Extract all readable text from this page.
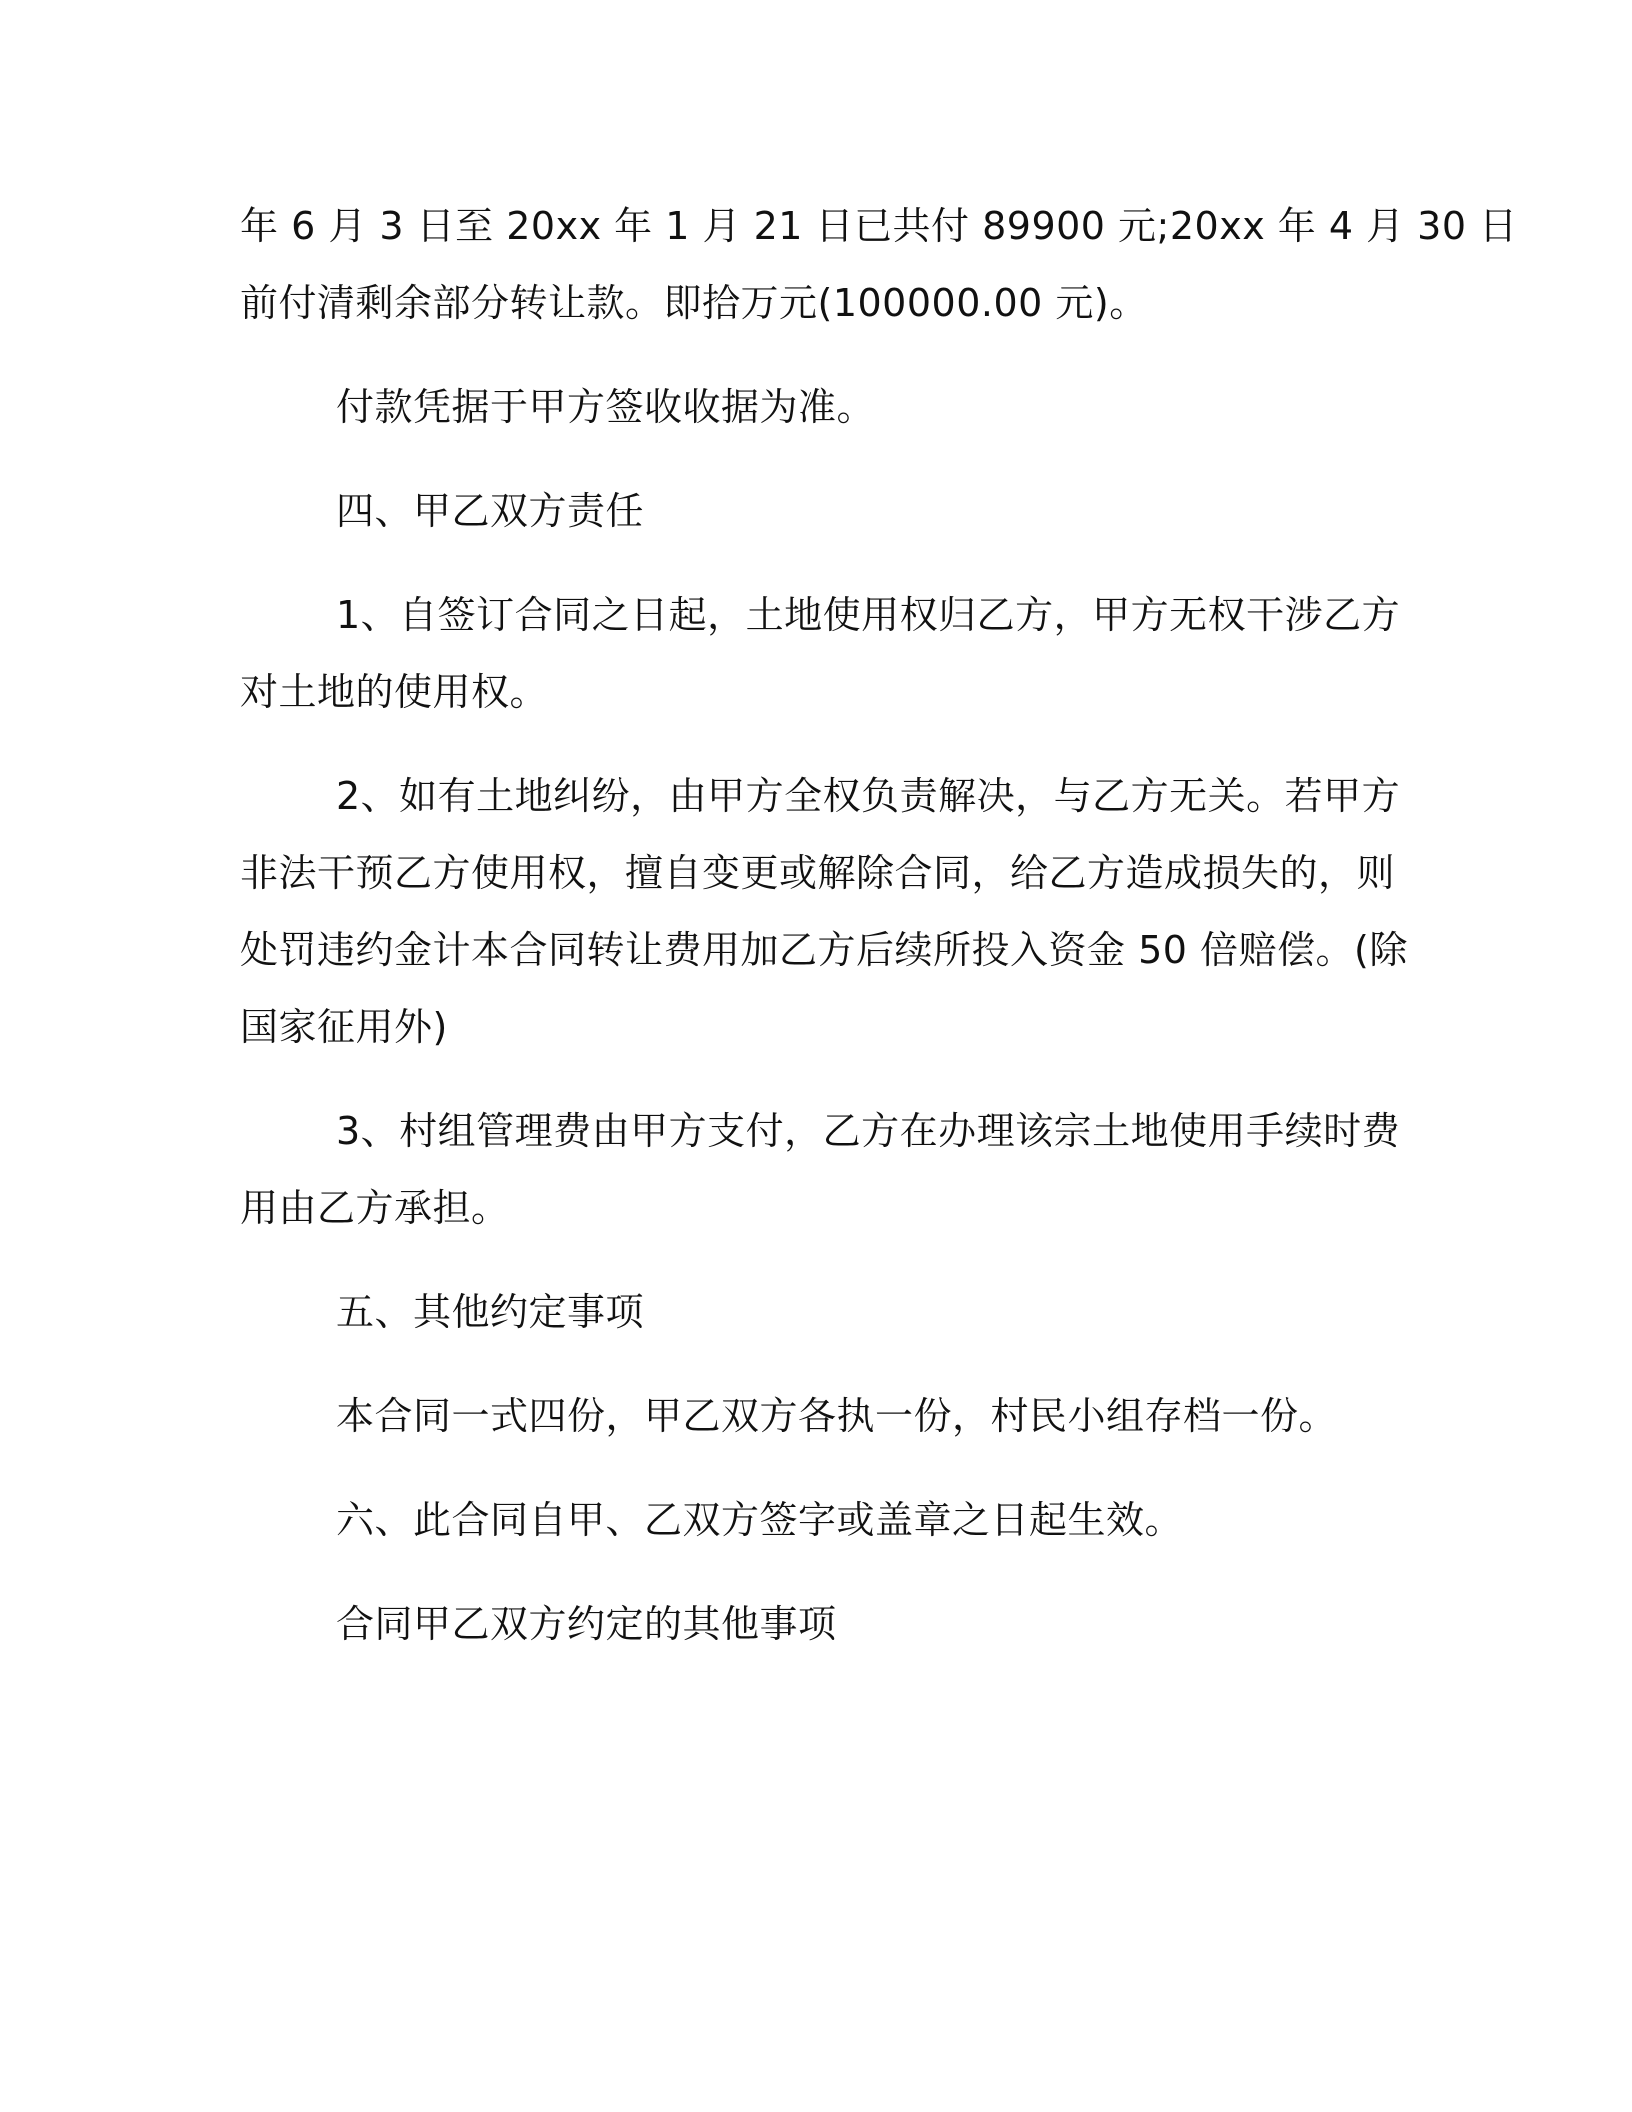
年 6 月 3 日至 20xx 年 1 月 21 日已共付 89900 元;20xx 年 4 月 30 日
前付清剩余部分转让款。即拾万元(100000.00 元)。

付款凭据于甲方签收收据为准。

四、甲乙双方责任

1、自签订合同之日起，土地使用权归乙方，甲方无权干涉乙方
对土地的使用权。

2、如有土地纠纷，由甲方全权负责解决，与乙方无关。若甲方
非法干预乙方使用权，擅自变更或解除合同，给乙方造成损失的，则
处罚违约金计本合同转让费用加乙方后续所投入资金 50 倍赔偿。(除
国家征用外)

3、村组管理费由甲方支付，乙方在办理该宗土地使用手续时费
用由乙方承担。

五、其他约定事项

本合同一式四份，甲乙双方各执一份，村民小组存档一份。

六、此合同自甲、乙双方签字或盖章之日起生效。

合同甲乙双方约定的其他事项
